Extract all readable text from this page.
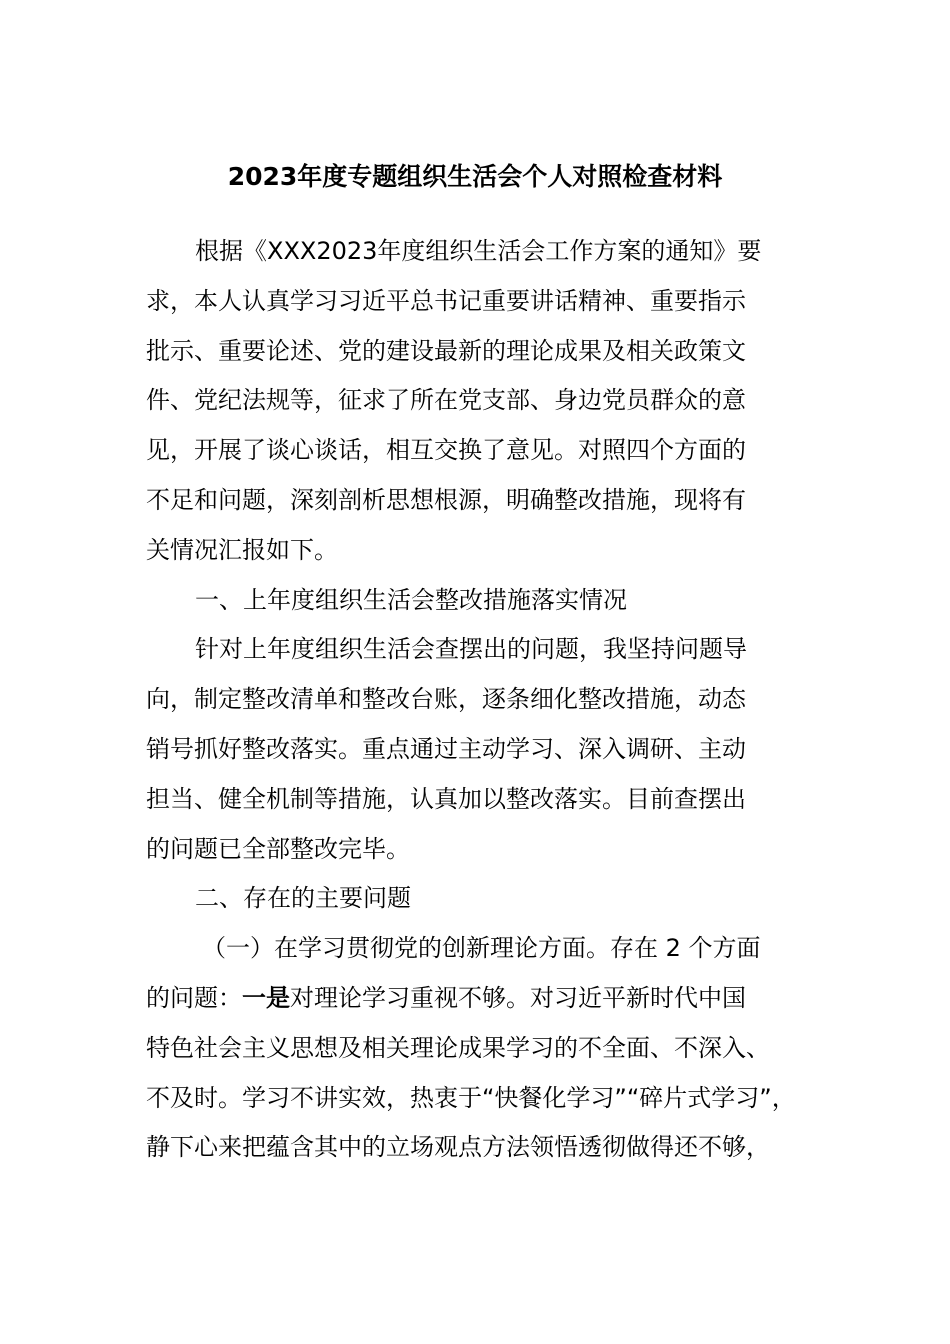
2023年度专题组织生活会个人对照检查材料
根据《XXX2023年度组织生活会工作方案的通知》要
求，本人认真学习习近平总书记重要讲话精神、重要指示
批示、重要论述、党的建设最新的理论成果及相关政策文
件、党纪法规等，征求了所在党支部、身边党员群众的意
见，开展了谈心谈话，相互交换了意见。对照四个方面的
不足和问题，深刻剖析思想根源，明确整改措施，现将有
关情况汇报如下。
一、上年度组织生活会整改措施落实情况
针对上年度组织生活会查摆出的问题，我坚持问题导
向，制定整改清单和整改台账，逐条细化整改措施，动态
销号抓好整改落实。重点通过主动学习、深入调研、主动
担当、健全机制等措施，认真加以整改落实。目前查摆出
的问题已全部整改完毕。
二、存在的主要问题
（一）在学习贯彻党的创新理论方面。存在 2 个方面
的问题：一是对理论学习重视不够。对习近平新时代中国
特色社会主义思想及相关理论成果学习的不全面、不深入、
不及时。学习不讲实效，热衷于“快餐化学习”“碎片式学习”，
静下心来把蕴含其中的立场观点方法领悟透彻做得还不够，
